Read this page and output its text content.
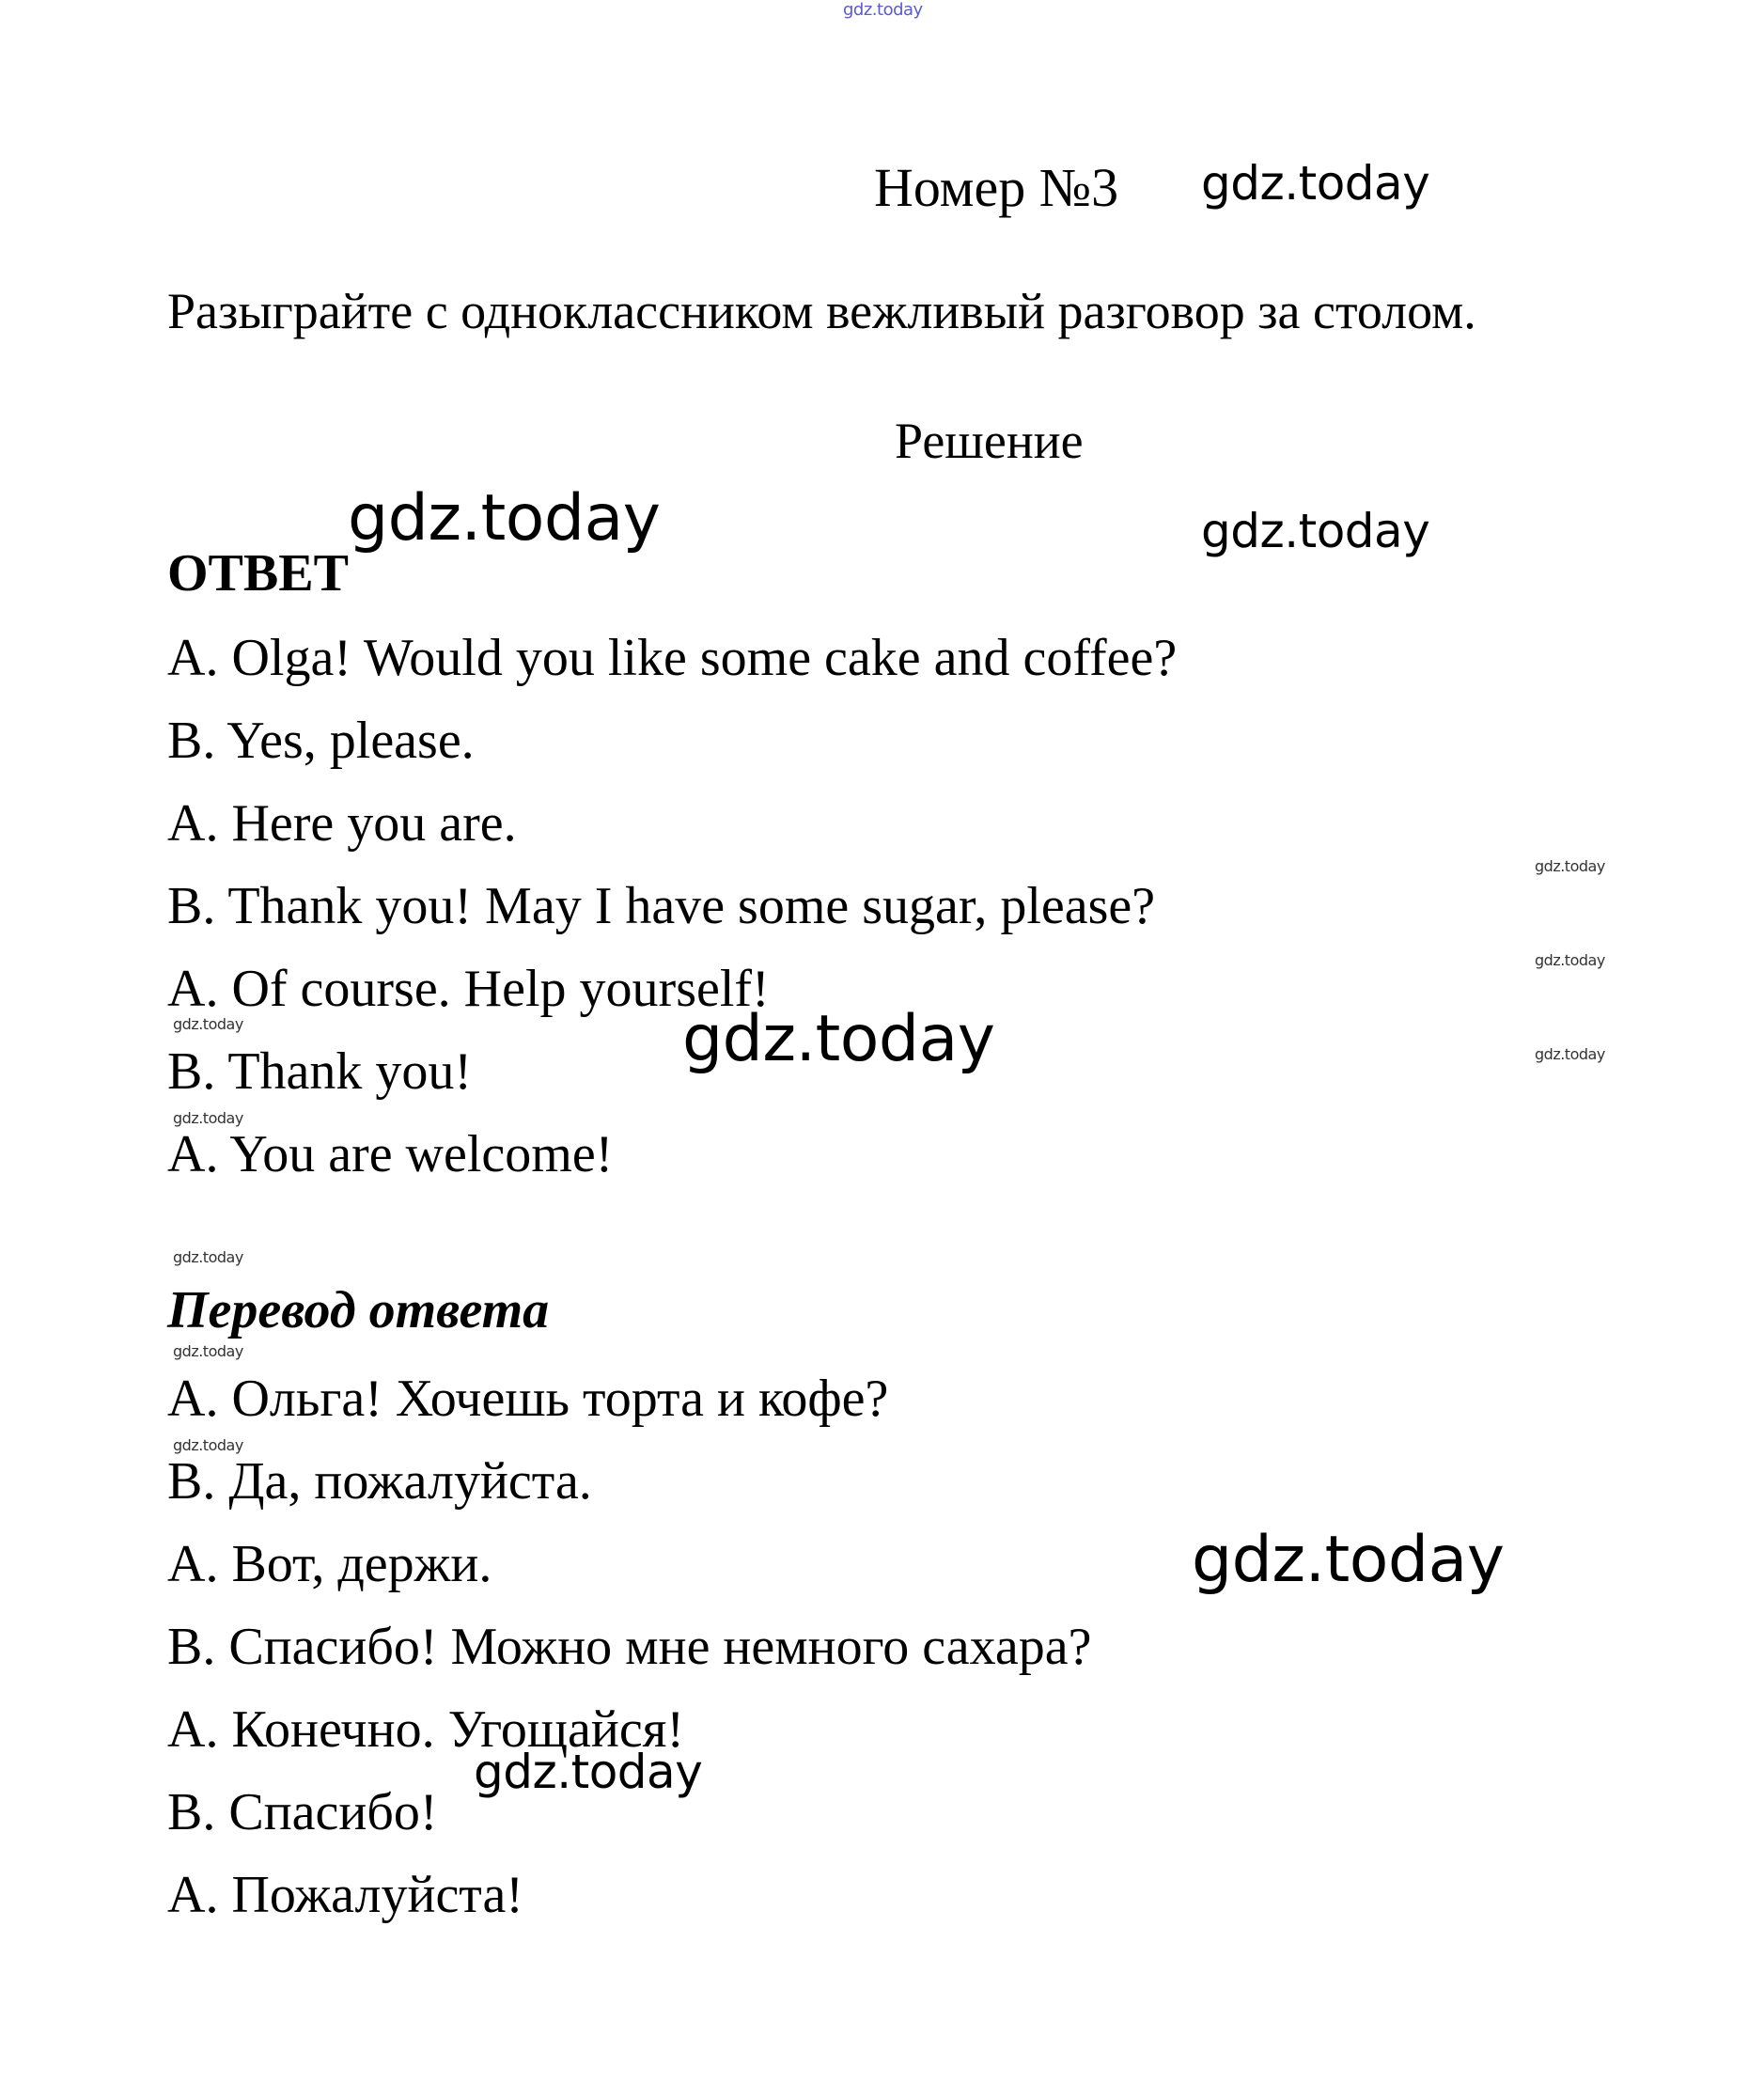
gdz.today
gdz.today
gdz.today	gdz.today
gdz.today
gdz.today
gdz.today
gdz.today
gdz.today
gdz.today
gdz.today
gdz.today
gdz.today
gdz.today
gdz.today
Номер №3
Разыграйте с одноклассником вежливый разговор за столом.
Решение
ОТВЕТ
A. Olga! Would you like some cake and coffee?
B. Yes, please.
A. Here you are.
B. Thank you! May I have some sugar, please?
A. Of course. Help yourself!
B. Thank you!
A. You are welcome!
Перевод ответа
A. Ольга! Хочешь торта и кофе?
B. Да, пожалуйста.
A. Вот, держи.
B. Спасибо! Можно мне немного сахара?
A. Конечно. Угощайся!
B. Спасибо!
A. Пожалуйста!
